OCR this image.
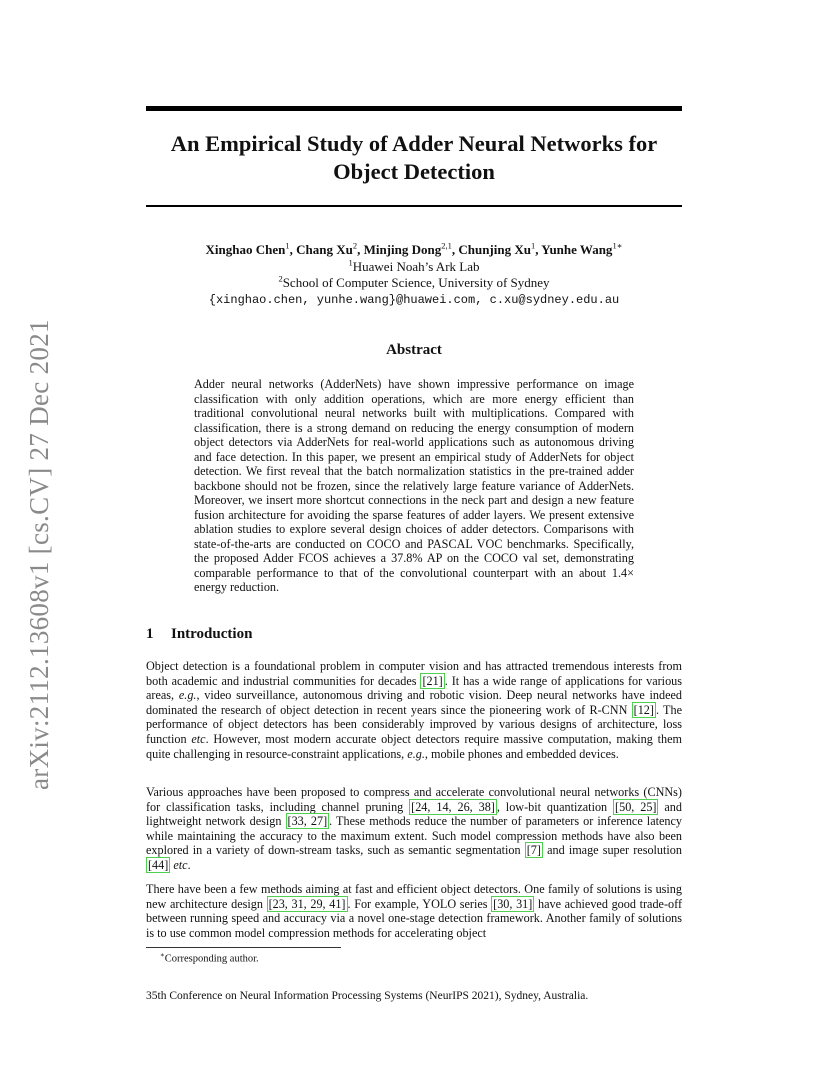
arXiv:2112.13608v1 [cs.CV] 27 Dec 2021
An Empirical Study of Adder Neural Networks for
Object Detection
Xinghao Chen$^1$, Chang Xu$^2$, Minjing Dong$^{2,1}$, Chunjing Xu$^1$, Yunhe Wang$^{1∗}$
$^1$Huawei Noah’s Ark Lab
$^2$School of Computer Science, University of Sydney
{xinghao.chen, yunhe.wang}@huawei.com, c.xu@sydney.edu.au
Abstract

Adder neural networks (AdderNets) have shown impressive performance on image classification with only addition operations, which are more energy efficient than traditional convolutional neural networks built with multiplications. Compared with classification, there is a strong demand on reducing the energy consumption of modern object detectors via AdderNets for real-world applications such as autonomous driving and face detection. In this paper, we present an empirical study of AdderNets for object detection. We first reveal that the batch normalization statistics in the pre-trained adder backbone should not be frozen, since the relatively large feature variance of AdderNets. Moreover, we insert more shortcut connections in the neck part and design a new feature fusion architecture for avoiding the sparse features of adder layers. We present extensive ablation studies to explore several design choices of adder detectors. Comparisons with state-of-the-arts are conducted on COCO and PASCAL VOC benchmarks. Specifically, the proposed Adder FCOS achieves a 37.8% AP on the COCO val set, demonstrating comparable performance to that of the convolutional counterpart with an about 1.4× energy reduction.

1 Introduction

Object detection is a foundational problem in computer vision and has attracted tremendous interests from both academic and industrial communities for decades [21] . It has a wide range of applications for various areas, e.g., video surveillance, autonomous driving and robotic vision. Deep neural networks have indeed dominated the research of object detection in recent years since the pioneering work of R-CNN [12] . The performance of object detectors has been considerably improved by various designs of architecture, loss function etc. However, most modern accurate object detectors require massive computation, making them quite challenging in resource-constraint applications, e.g., mobile phones and embedded devices.

Various approaches have been proposed to compress and accelerate convolutional neural networks (CNNs) for classification tasks, including channel pruning [24, 14, 26, 38] , low-bit quantization [50, 25] and lightweight network design [33, 27] . These methods reduce the number of parameters or inference latency while maintaining the accuracy to the maximum extent. Such model compression methods have also been explored in a variety of down-stream tasks, such as semantic segmentation [7] and image super resolution [44] etc.

There have been a few methods aiming at fast and efficient object detectors. One family of solutions is using new architecture design [23, 31, 29, 41] . For example, YOLO series [30, 31] have achieved good trade-off between running speed and accuracy via a novel one-stage detection framework. Another family of solutions is to use common model compression methods for accelerating object

∗Corresponding author.

35th Conference on Neural Information Processing Systems (NeurIPS 2021), Sydney, Australia.
